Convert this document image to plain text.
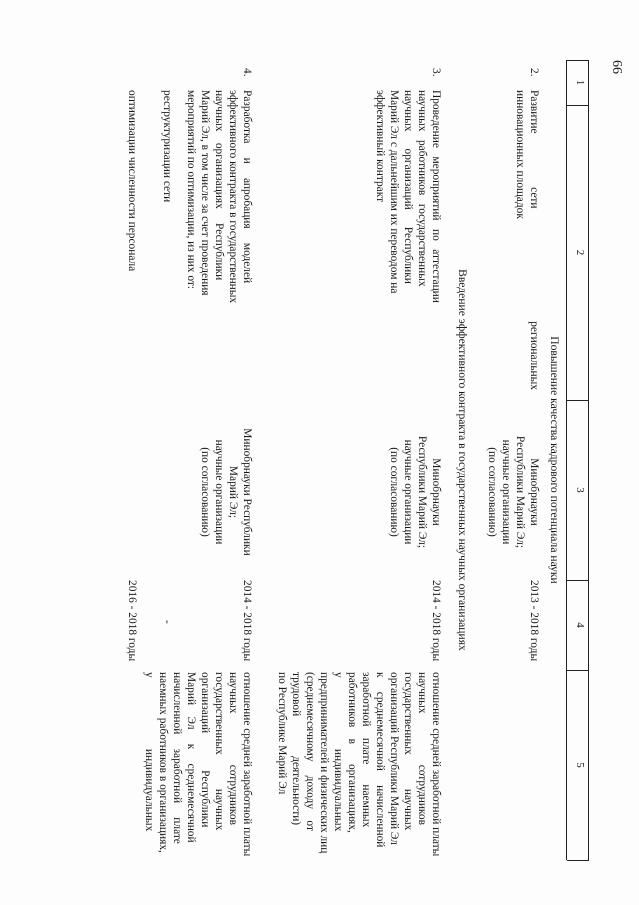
66
1
2
3
4
5
Повышение качества кадрового потенциала науки
2.
Развитие          сети                     региональных
инновационных площадок
Минобрнауки
Республики Марий Эл;
научные организации
(по согласованию)
2013 - 2018 годы
Введение эффективного контракта в государственных научных организациях
3.
Проведение   мероприятий   по   аттестации
научных   работников   государственных
научных      организаций      Республики
Марий Эл с дальнейшим их переводом на
эффективный контракт
Минобрнауки
Республики Марий Эл;
научные организации
(по согласованию)
2014 - 2018 годы
отношение средней заработной платы
научных                  сотрудников
государственных            научных
организаций Республики Марий Эл
к     среднемесячной     начисленной
заработной    плате       наемных
работников    в       организациях,
у                         индивидуальных
предпринимателей и физических лиц
(среднемесячному     доходу    от
трудовой              деятельности)
по Республике Марий Эл
4.
Разработка     и     апробация     моделей
эффективного контракта в государственных
научных    организациях     Республики
Марий Эл, в том числе за счет проведения
мероприятий по оптимизации, из них от:
реструктуризации сети
оптимизации численности персонала
Минобрнауки Республики
Марий Эл;
научные организации
(по согласованию)
2014 - 2018 годы
-
2016 - 2018 годы
отношение средней заработной платы
научных                  сотрудников
государственных            научных
организаций             Республики
Марий    Эл     к     среднемесячной
начисленной     заработной     плате
наемных работников в организациях,
у                         индивидуальных
